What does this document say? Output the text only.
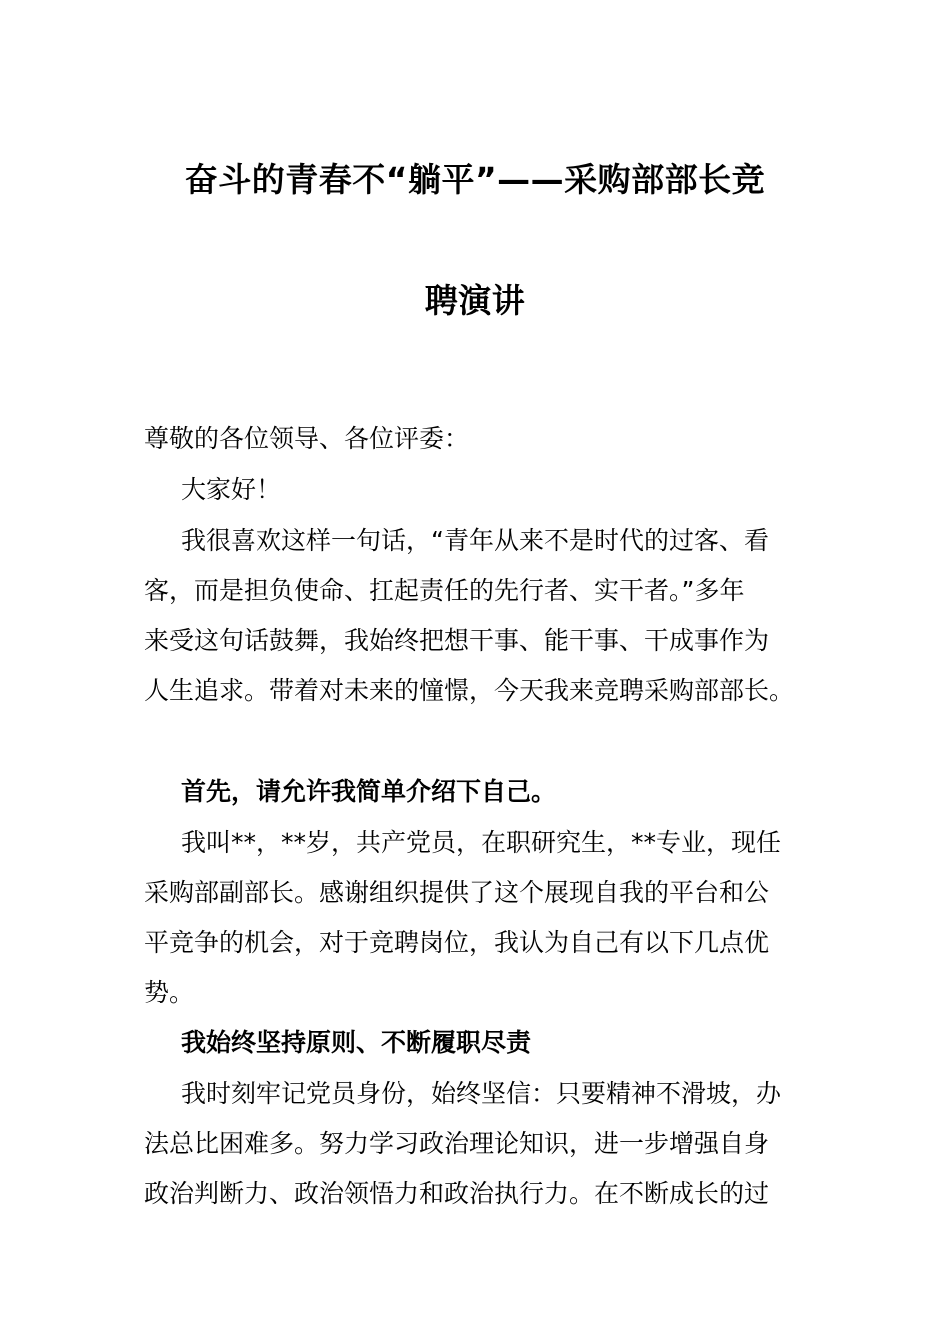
奋斗的青春不“躺平”——采购部部长竞
聘演讲
尊敬的各位领导、各位评委：
大家好！
我很喜欢这样一句话，“青年从来不是时代的过客、看
客，而是担负使命、扛起责任的先行者、实干者。”多年
来受这句话鼓舞，我始终把想干事、能干事、干成事作为
人生追求。带着对未来的憧憬，今天我来竞聘采购部部长。
首先，请允许我简单介绍下自己。
我叫**，**岁，共产党员，在职研究生，**专业，现任
采购部副部长。感谢组织提供了这个展现自我的平台和公
平竞争的机会，对于竞聘岗位，我认为自己有以下几点优
势。
我始终坚持原则、不断履职尽责
我时刻牢记党员身份，始终坚信：只要精神不滑坡，办
法总比困难多。努力学习政治理论知识，进一步增强自身
政治判断力、政治领悟力和政治执行力。在不断成长的过
